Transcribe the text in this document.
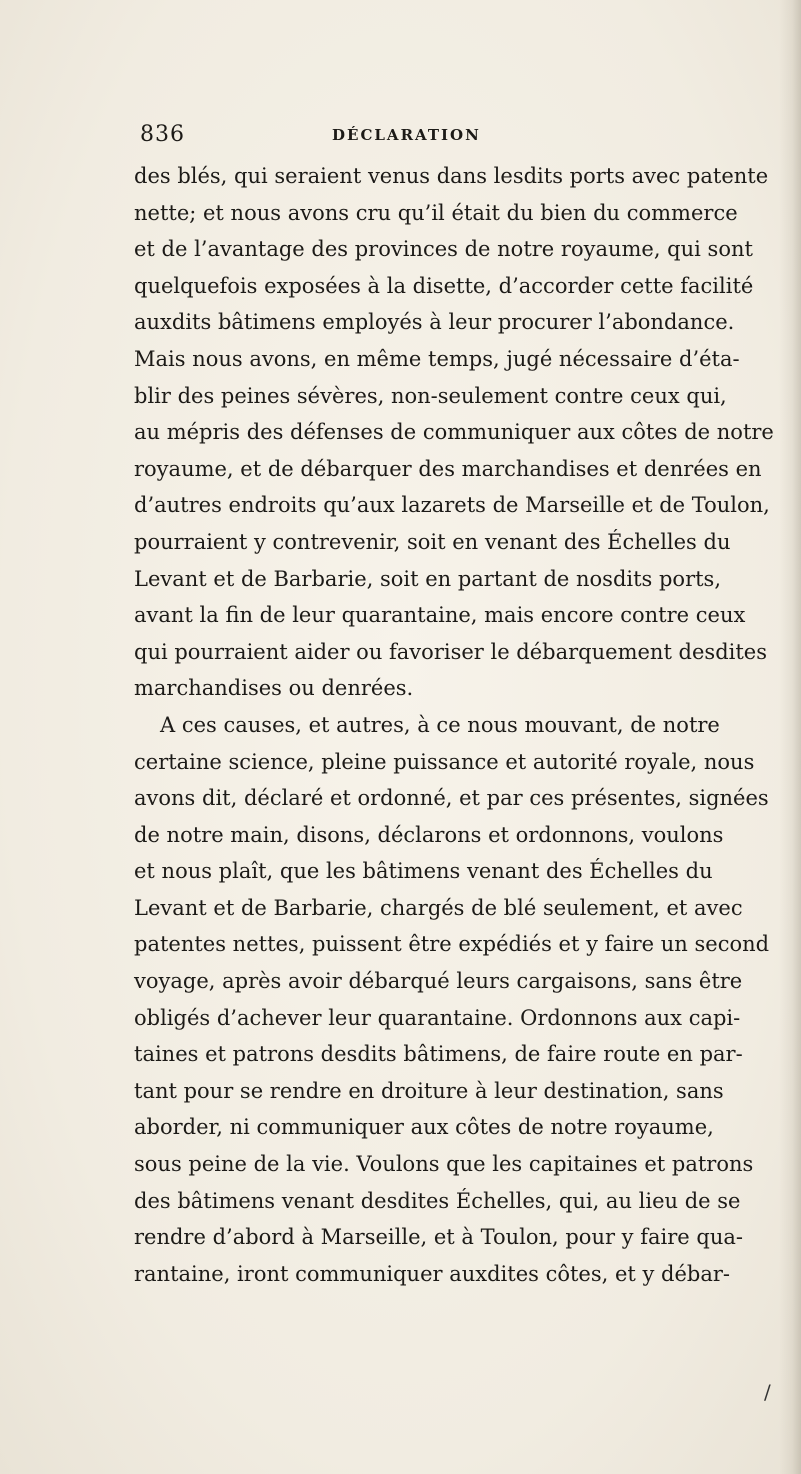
836	DÉCLARATION
des blés, qui seraient venus dans lesdits ports avec patente
nette; et nous avons cru qu’il était du bien du commerce
et de l’avantage des provinces de notre royaume, qui sont
quelquefois exposées à la disette, d’accorder cette facilité
auxdits bâtimens employés à leur procurer l’abondance.
Mais nous avons, en même temps, jugé nécessaire d’éta-
blir des peines sévères, non-seulement contre ceux qui,
au mépris des défenses de communiquer aux côtes de notre
royaume, et de débarquer des marchandises et denrées en
d’autres endroits qu’aux lazarets de Marseille et de Toulon,
pourraient y contrevenir, soit en venant des Échelles du
Levant et de Barbarie, soit en partant de nosdits ports,
avant la fin de leur quarantaine, mais encore contre ceux
qui pourraient aider ou favoriser le débarquement desdites
marchandises ou denrées.
A ces causes, et autres, à ce nous mouvant, de notre
certaine science, pleine puissance et autorité royale, nous
avons dit, déclaré et ordonné, et par ces présentes, signées
de notre main, disons, déclarons et ordonnons, voulons
et nous plaît, que les bâtimens venant des Échelles du
Levant et de Barbarie, chargés de blé seulement, et avec
patentes nettes, puissent être expédiés et y faire un second
voyage, après avoir débarqué leurs cargaisons, sans être
obligés d’achever leur quarantaine. Ordonnons aux capi-
taines et patrons desdits bâtimens, de faire route en par-
tant pour se rendre en droiture à leur destination, sans
aborder, ni communiquer aux côtes de notre royaume,
sous peine de la vie. Voulons que les capitaines et patrons
des bâtimens venant desdites Échelles, qui, au lieu de se
rendre d’abord à Marseille, et à Toulon, pour y faire qua-
rantaine, iront communiquer auxdites côtes, et y débar-
/
